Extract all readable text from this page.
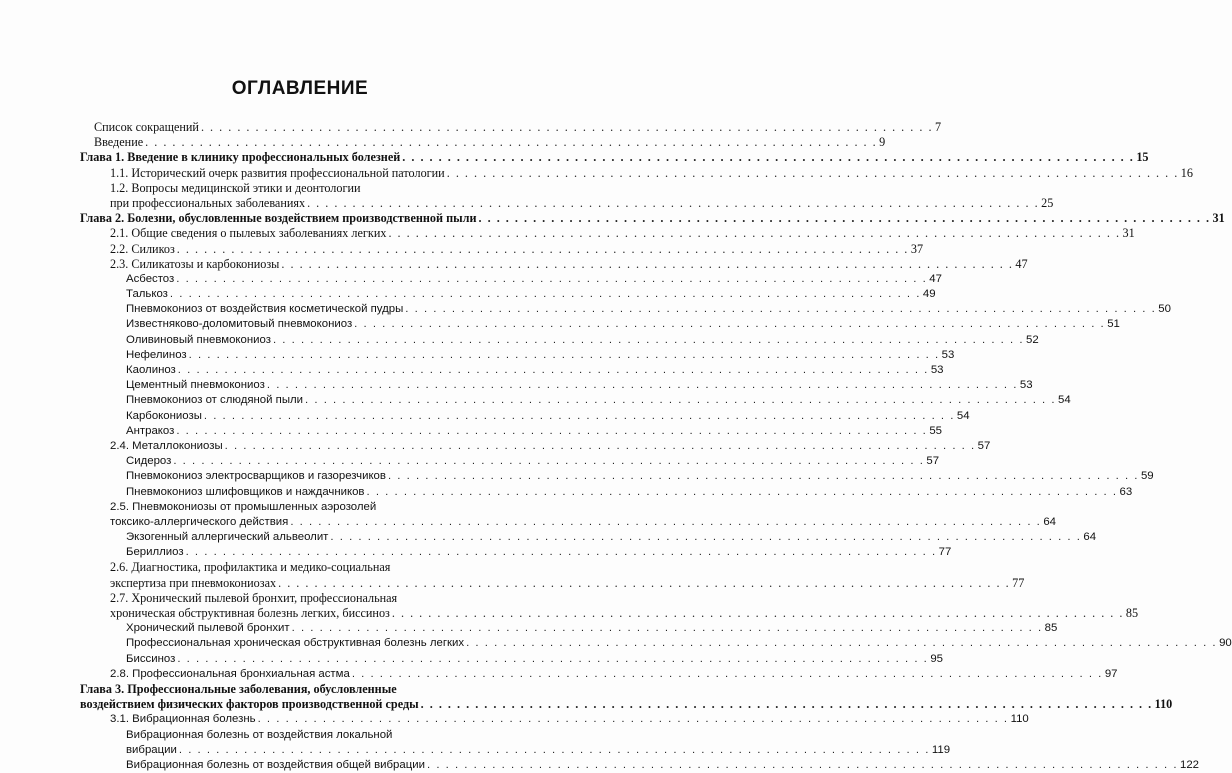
ОГЛАВЛЕНИЕ
Список сокращений . . .	7
Введение . . .	9
Глава 1. Введение в клинику профессиональных болезней . . .	15
1.1. Исторический очерк развития профессиональной патологии . . .	16
1.2. Вопросы медицинской этики и деонтологии
при профессиональных заболеваниях . . .	25
Глава 2. Болезни, обусловленные воздействием производственной пыли . . .	31
2.1. Общие сведения о пылевых заболеваниях легких . . .	31
2.2. Силикоз . . .	37
2.3. Силикатозы и карбокониозы . . .	47
Асбестоз . . .	47
Талькоз . . .	49
Пневмокониоз от воздействия косметической пудры . . .	50
Известняково-доломитовый пневмокониоз . . .	51
Оливиновый пневмокониоз . . .	52
Нефелиноз . . .	53
Каолиноз . . .	53
Цементный пневмокониоз . . .	53
Пневмокониоз от слюдяной пыли . . .	54
Карбокониозы . . .	54
Антракоз . . .	55
2.4. Металлокониозы . . .	57
Сидероз . . .	57
Пневмокониоз электросварщиков и газорезчиков . . .	59
Пневмокониоз шлифовщиков и наждачников . . .	63
2.5. Пневмокониозы от промышленных аэрозолей
токсико-аллергического действия . . .	64
Экзогенный аллергический альвеолит . . .	64
Бериллиоз . . .	77
2.6. Диагностика, профилактика и медико-социальная
экспертиза при пневмокониозах . . .	77
2.7. Хронический пылевой бронхит, профессиональная
хроническая обструктивная болезнь легких, биссиноз . . .	85
Хронический пылевой бронхит . . .	85
Профессиональная хроническая обструктивная болезнь легких . . .	90
Биссиноз . . .	95
2.8. Профессиональная бронхиальная астма . . .	97
Глава 3. Профессиональные заболевания, обусловленные
воздействием физических факторов производственной среды . . .	110
3.1. Вибрационная болезнь . . .	110
Вибрационная болезнь от воздействия локальной
вибрации . . .	119
Вибрационная болезнь от воздействия общей вибрации . . .	122
